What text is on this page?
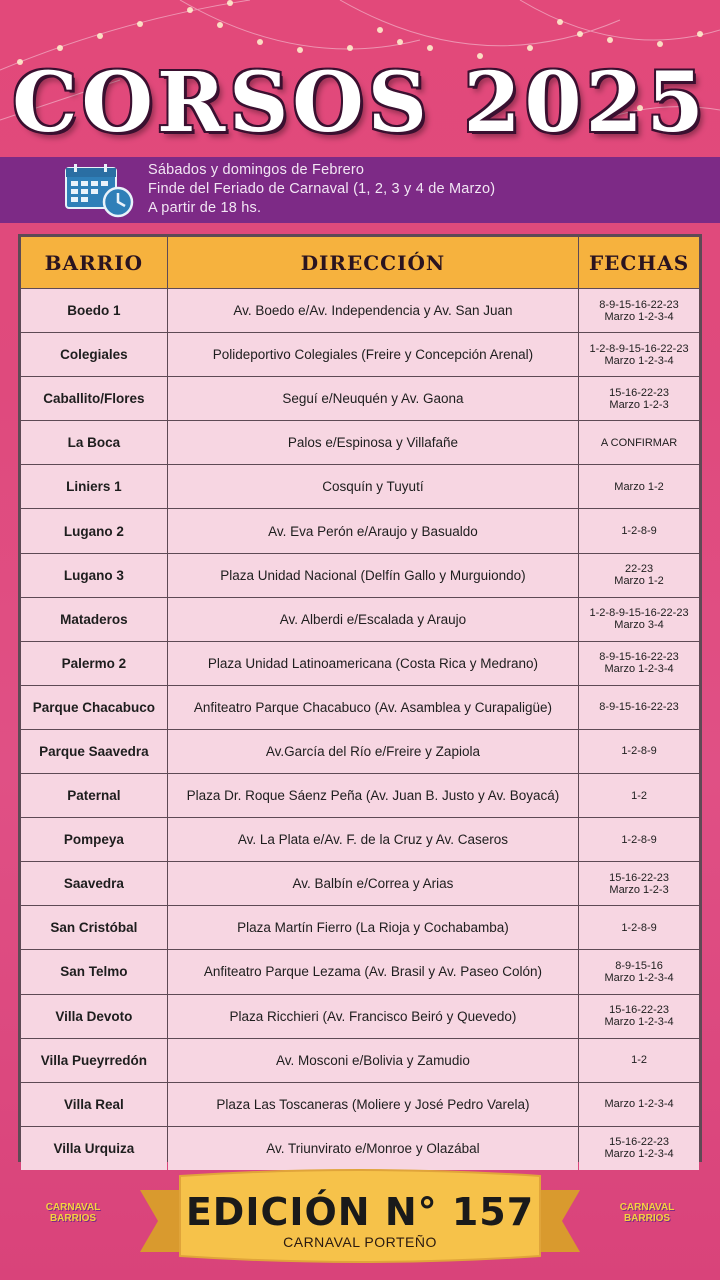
CORSOS 2025

Sábados y domingos de Febrero

Finde del Feriado de Carnaval (1, 2, 3 y 4 de Marzo)

A partir de 18 hs.

BARRIO	DIRECCIÓN	FECHAS
Boedo 1	Av. Boedo e/Av. Independencia y Av. San Juan	8-9-15-16-22-23
Marzo 1-2-3-4

Colegiales	Polideportivo Colegiales (Freire y Concepción Arenal)	1-2-8-9-15-16-22-23
Marzo 1-2-3-4

Caballito/Flores	Seguí e/Neuquén y Av. Gaona	15-16-22-23
Marzo 1-2-3

La Boca	Palos e/Espinosa y Villafañe	A CONFIRMAR

Liniers 1	Cosquín y Tuyutí	Marzo 1-2

Lugano 2	Av. Eva Perón e/Araujo y Basualdo	1-2-8-9

Lugano 3	Plaza Unidad Nacional (Delfín Gallo y Murguiondo)	22-23
Marzo 1-2

Mataderos	Av. Alberdi e/Escalada y Araujo	1-2-8-9-15-16-22-23
Marzo 3-4

Palermo 2	Plaza Unidad Latinoamericana (Costa Rica y Medrano)	8-9-15-16-22-23
Marzo 1-2-3-4

Parque Chacabuco	Anfiteatro Parque Chacabuco (Av. Asamblea y Curapaligüe)	8-9-15-16-22-23

Parque Saavedra	Av.García del Río e/Freire y Zapiola	1-2-8-9

Paternal	Plaza Dr. Roque Sáenz Peña (Av. Juan B. Justo y Av. Boyacá)	1-2

Pompeya	Av. La Plata e/Av. F. de la Cruz y Av. Caseros	1-2-8-9

Saavedra	Av. Balbín e/Correa y Arias	15-16-22-23
Marzo 1-2-3

San Cristóbal	Plaza Martín Fierro (La Rioja y Cochabamba)	1-2-8-9

San Telmo	Anfiteatro Parque Lezama (Av. Brasil y Av. Paseo Colón)	8-9-15-16
Marzo 1-2-3-4

Villa Devoto	Plaza Ricchieri (Av. Francisco Beiró y Quevedo)	15-16-22-23
Marzo 1-2-3-4

Villa Pueyrredón	Av. Mosconi e/Bolivia y Zamudio	1-2

Villa Real	Plaza Las Toscaneras (Moliere y José Pedro Varela)	Marzo 1-2-3-4

Villa Urquiza	Av. Triunvirato e/Monroe y Olazábal	15-16-22-23
Marzo 1-2-3-4
EDICIÓN N° 157
CARNAVAL PORTEÑO
CARNAVAL
BARRIOS
CARNAVAL
BARRIOS
